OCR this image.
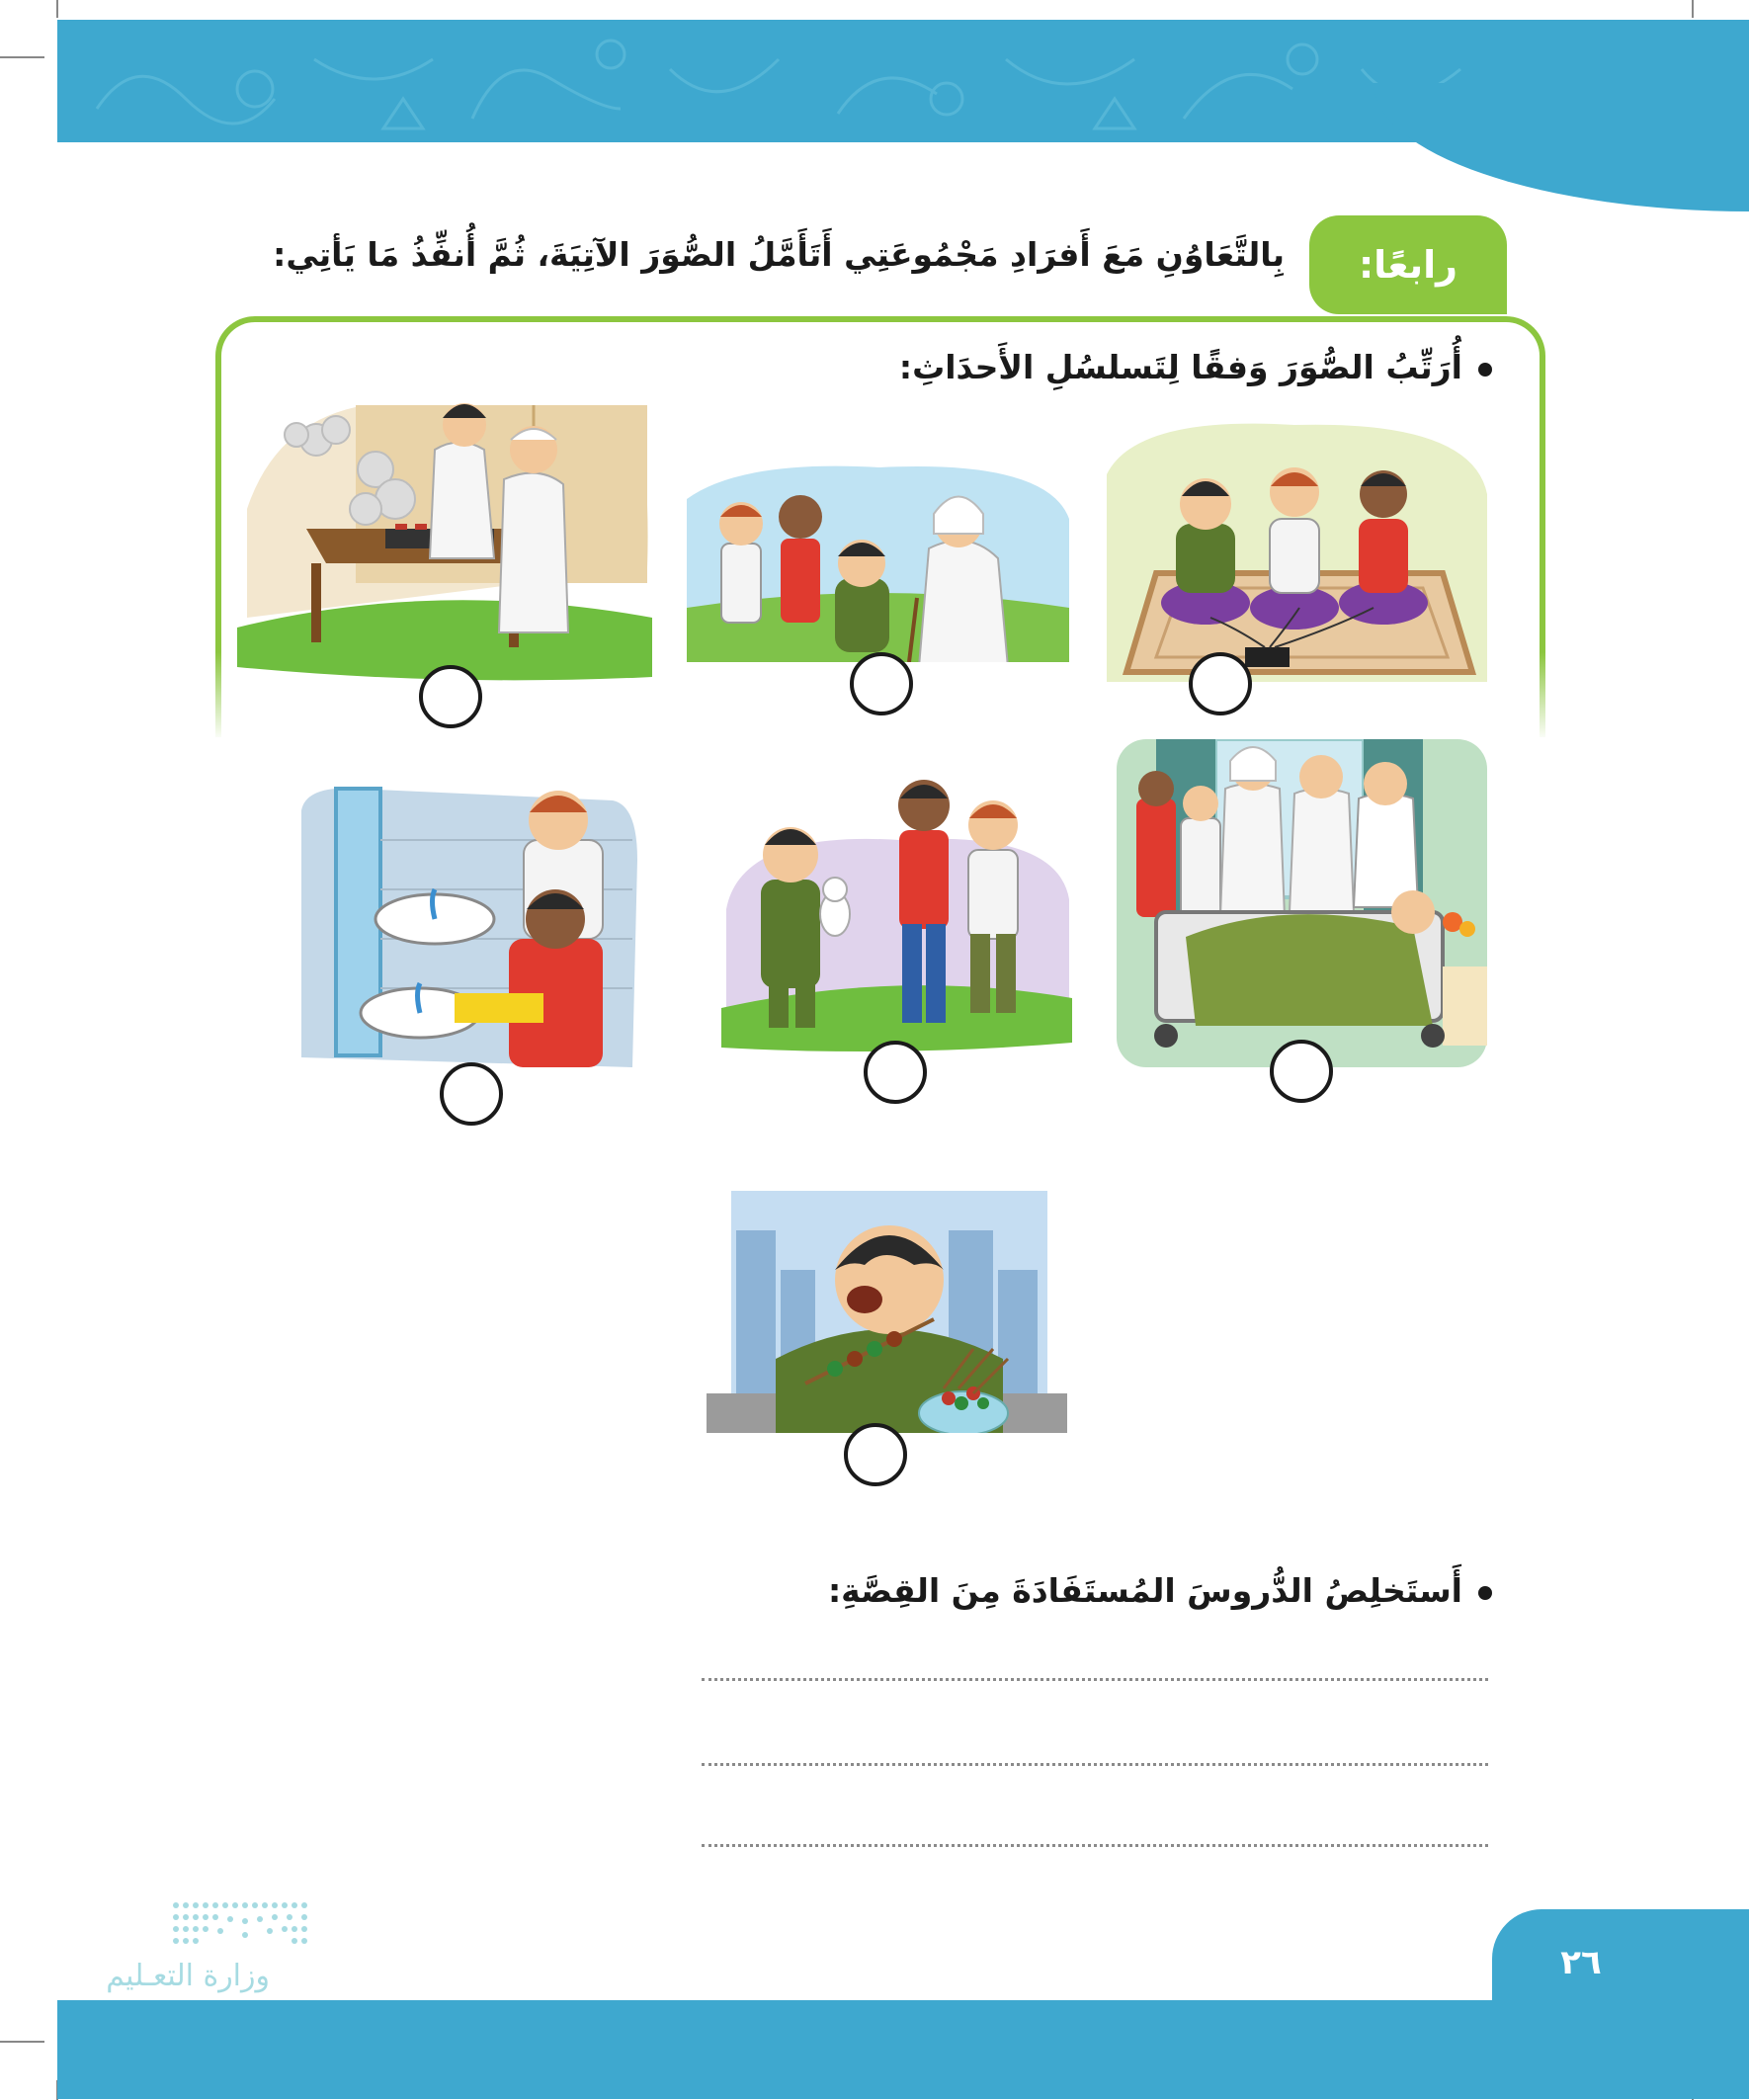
رابعًا:
بِالتَّعَاوُنِ مَعَ أَفرَادِ مَجْمُوعَتِي أَتَأَمَّلُ الصُّوَرَ الآتِيَةَ، ثُمَّ أُنفِّذُ مَا يَأتِي:
أُرَتِّبُ الصُّوَرَ وَفقًا لِتَسلسُلِ الأَحدَاثِ:
أَستَخلِصُ الدُّروسَ المُستَفَادَةَ مِنَ القِصَّةِ:
وزارة التعـليم	٢٦
